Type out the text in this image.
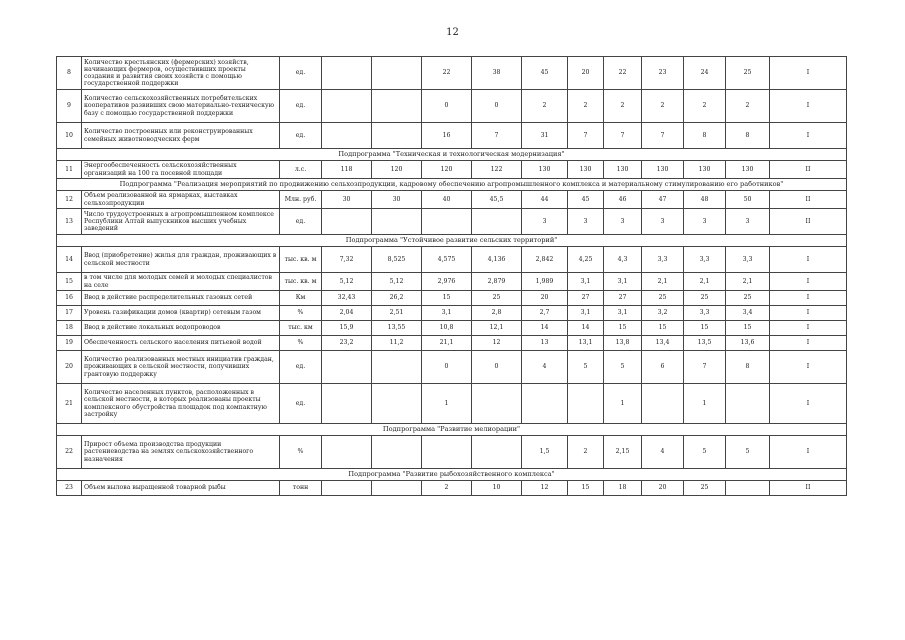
12
8	Количество крестьянских (фермерских) хозяйств, начинающих фермеров, осуществивших проекты создания и развития своих хозяйств с помощью государственной поддержки	ед.			22	38	45	20	22	23	24	25	I
9	Количество сельскохозяйственных потребительских кооперативов развивших свою материально-техническую базу с помощью государственной поддержки	ед.			0	0	2	2	2	2	2	2	I
10	Количество построенных или реконструированных семейных животноводческих ферм	ед.			16	7	31	7	7	7	8	8	I
Подпрограмма "Техническая и технологическая модернизация"													
11	Энергообеспеченность сельскохозяйственных организаций на 100 га посевной площади	л.с.	118	120	120	122	130	130	130	130	130	130	II
Подпрограмма "Реализация мероприятий по продвижению сельхозпродукции, кадровому обеспечению агропромышленного комплекса и материальному стимулированию его работников"													
12	Объем реализованной на ярмарках, выставках сельхозпродукции	Млн. руб.	30	30	40	45,5	44	45	46	47	48	50	II
13	Число трудоустроенных в агропромышленном комплексе Республики Алтай выпускников высших учебных заведений	ед.					3	3	3	3	3	3	II
Подпрограмма "Устойчивое развитие сельских территорий"													
14	Ввод (приобретение) жилья для граждан, проживающих в сельской местности	тыс. кв. м	7,32	8,525	4,575	4,136	2,842	4,25	4,3	3,3	3,3	3,3	I
15	в том числе для молодых семей и молодых специалистов на селе	тыс. кв. м	5,12	5,12	2,976	2,879	1,989	3,1	3,1	2,1	2,1	2,1	I
16	Ввод в действие распределительных газовых сетей	Км	32,43	26,2	15	25	20	27	27	25	25	25	I
17	Уровень газификации домов (квартир) сетевым газом	%	2,04	2,51	3,1	2,8	2,7	3,1	3,1	3,2	3,3	3,4	I
18	Ввод в действие локальных водопроводов	тыс. км	15,9	13,55	10,8	12,1	14	14	15	15	15	15	I
19	Обеспеченность сельского населения питьевой водой	%	23,2	11,2	21,1	12	13	13,1	13,8	13,4	13,5	13,6	I
20	Количество реализованных местных инициатив граждан, проживающих в сельской местности, получивших грантовую поддержку	ед.			0	0	4	5	5	6	7	8	I
21	Количество населенных пунктов, расположенных в сельской местности, в которых реализованы проекты комплексного обустройства площадок под компактную застройку	ед.			1				1		1		I
Подпрограмма "Развитие мелиорации"													
22	Прирост объема производства продукции растениеводства на землях сельскохозяйственного назначения	%					1,5	2	2,15	4	5	5	I
Подпрограмма "Развитие рыбохозяйственного комплекса"													
23	Объем вылова выращенной товарной рыбы	тонн			2	10	12	15	18	20	25		II
